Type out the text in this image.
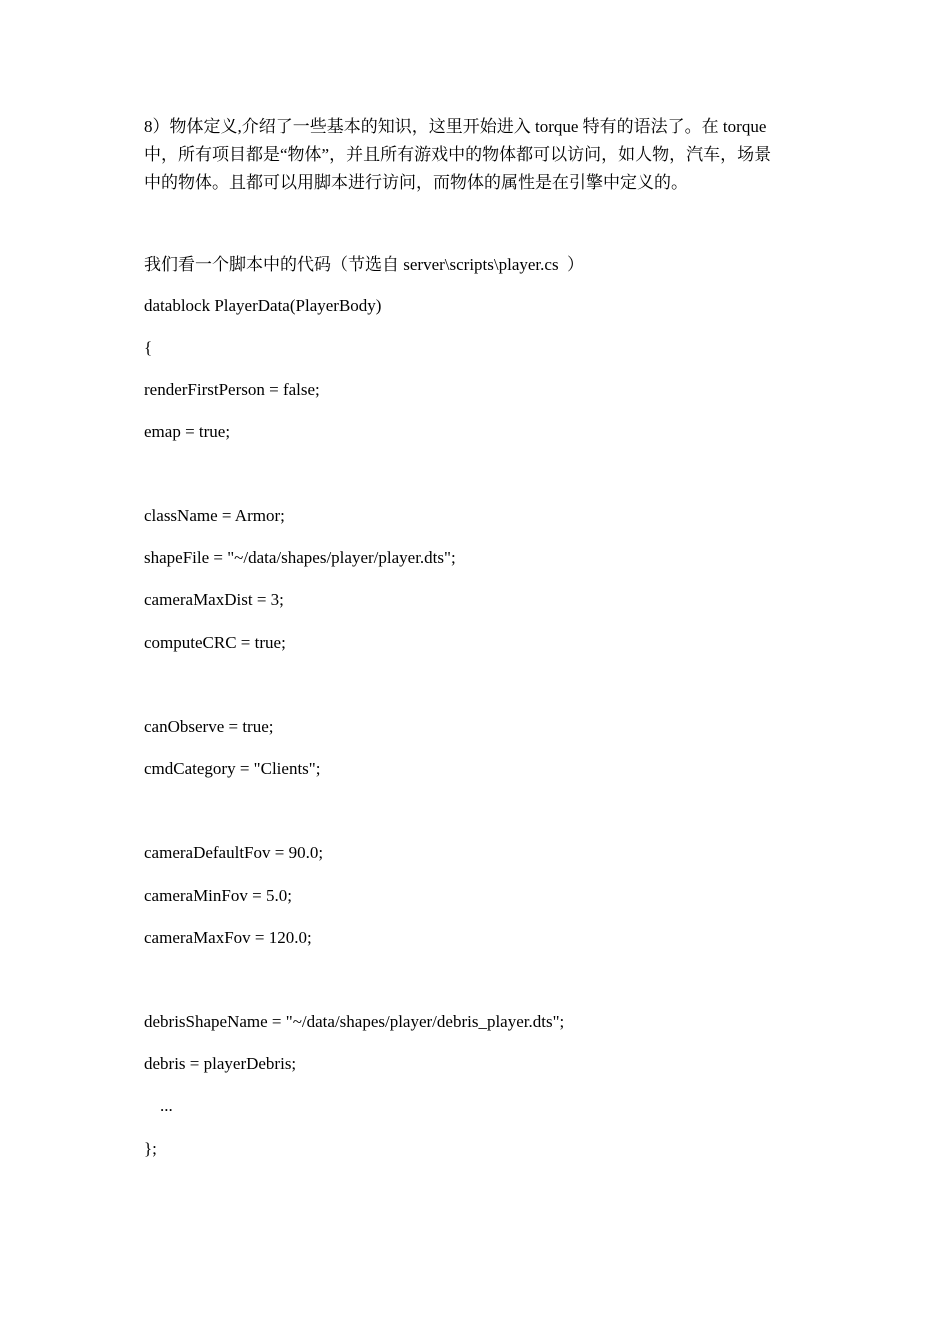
8）物体定义,介绍了一些基本的知识，这里开始进入 torque 特有的语法了。在 torque
中，所有项目都是“物体”，并且所有游戏中的物体都可以访问，如人物，汽车，场景
中的物体。且都可以用脚本进行访问，而物体的属性是在引擎中定义的。

我们看一个脚本中的代码（节选自 server\scripts\player.cs  ）

datablock PlayerData(PlayerBody)

{

renderFirstPerson = false;

emap = true;

className = Armor;

shapeFile = "~/data/shapes/player/player.dts";

cameraMaxDist = 3;

computeCRC = true;

canObserve = true;

cmdCategory = "Clients";

cameraDefaultFov = 90.0;

cameraMinFov = 5.0;

cameraMaxFov = 120.0;

debrisShapeName = "~/data/shapes/player/debris_player.dts";

debris = playerDebris;

...

};
